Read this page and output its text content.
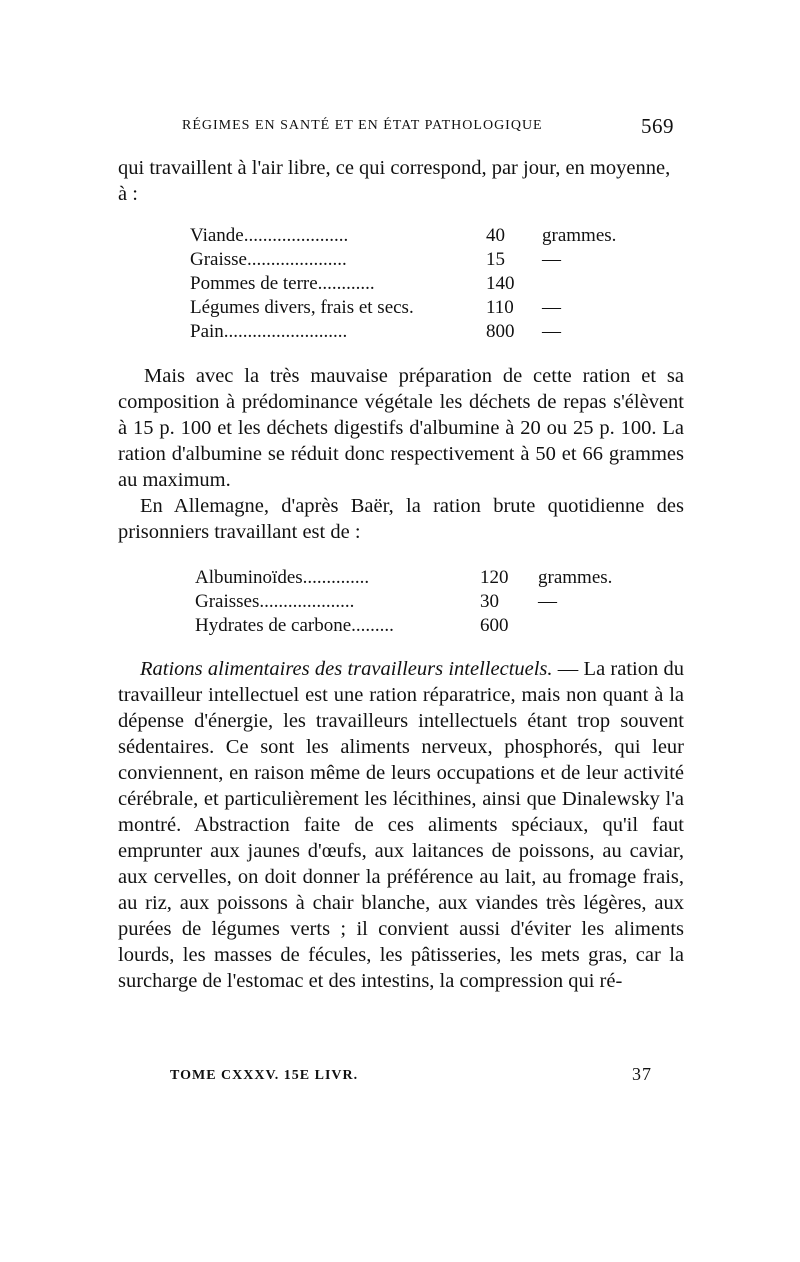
RÉGIMES EN SANTÉ ET EN ÉTAT PATHOLOGIQUE	569
qui travaillent à l'air libre, ce qui correspond, par jour, en moyenne, à :
Viande......................	40 grammes.
Graisse.....................	15 —
Pommes de terre............	140
Légumes divers, frais et secs.	110 —
Pain..........................	800 —
Mais avec la très mauvaise préparation de cette ration et sa composition à prédominance végétale les déchets de repas s'élèvent à 15 p. 100 et les déchets digestifs d'albumine à 20 ou 25 p. 100. La ration d'albumine se réduit donc respectivement à 50 et 66 grammes au maximum.
En Allemagne, d'après Baër, la ration brute quotidienne des prisonniers travaillant est de :
Albuminoïdes..............	120 grammes.
Graisses....................	30 —
Hydrates de carbone.........	600
Rations alimentaires des travailleurs intellectuels. — La ration du travailleur intellectuel est une ration réparatrice, mais non quant à la dépense d'énergie, les travailleurs intellectuels étant trop souvent sédentaires. Ce sont les aliments nerveux, phosphorés, qui leur conviennent, en raison même de leurs occupations et de leur activité cérébrale, et particulièrement les lécithines, ainsi que Dinalewsky l'a montré. Abstraction faite de ces aliments spéciaux, qu'il faut emprunter aux jaunes d'œufs, aux laitances de poissons, au caviar, aux cervelles, on doit donner la préférence au lait, au fromage frais, au riz, aux poissons à chair blanche, aux viandes très légères, aux purées de légumes verts ; il convient aussi d'éviter les aliments lourds, les masses de fécules, les pâtisseries, les mets gras, car la surcharge de l'estomac et des intestins, la compression qui ré-
TOME CXXXV. 15E LIVR.	37
